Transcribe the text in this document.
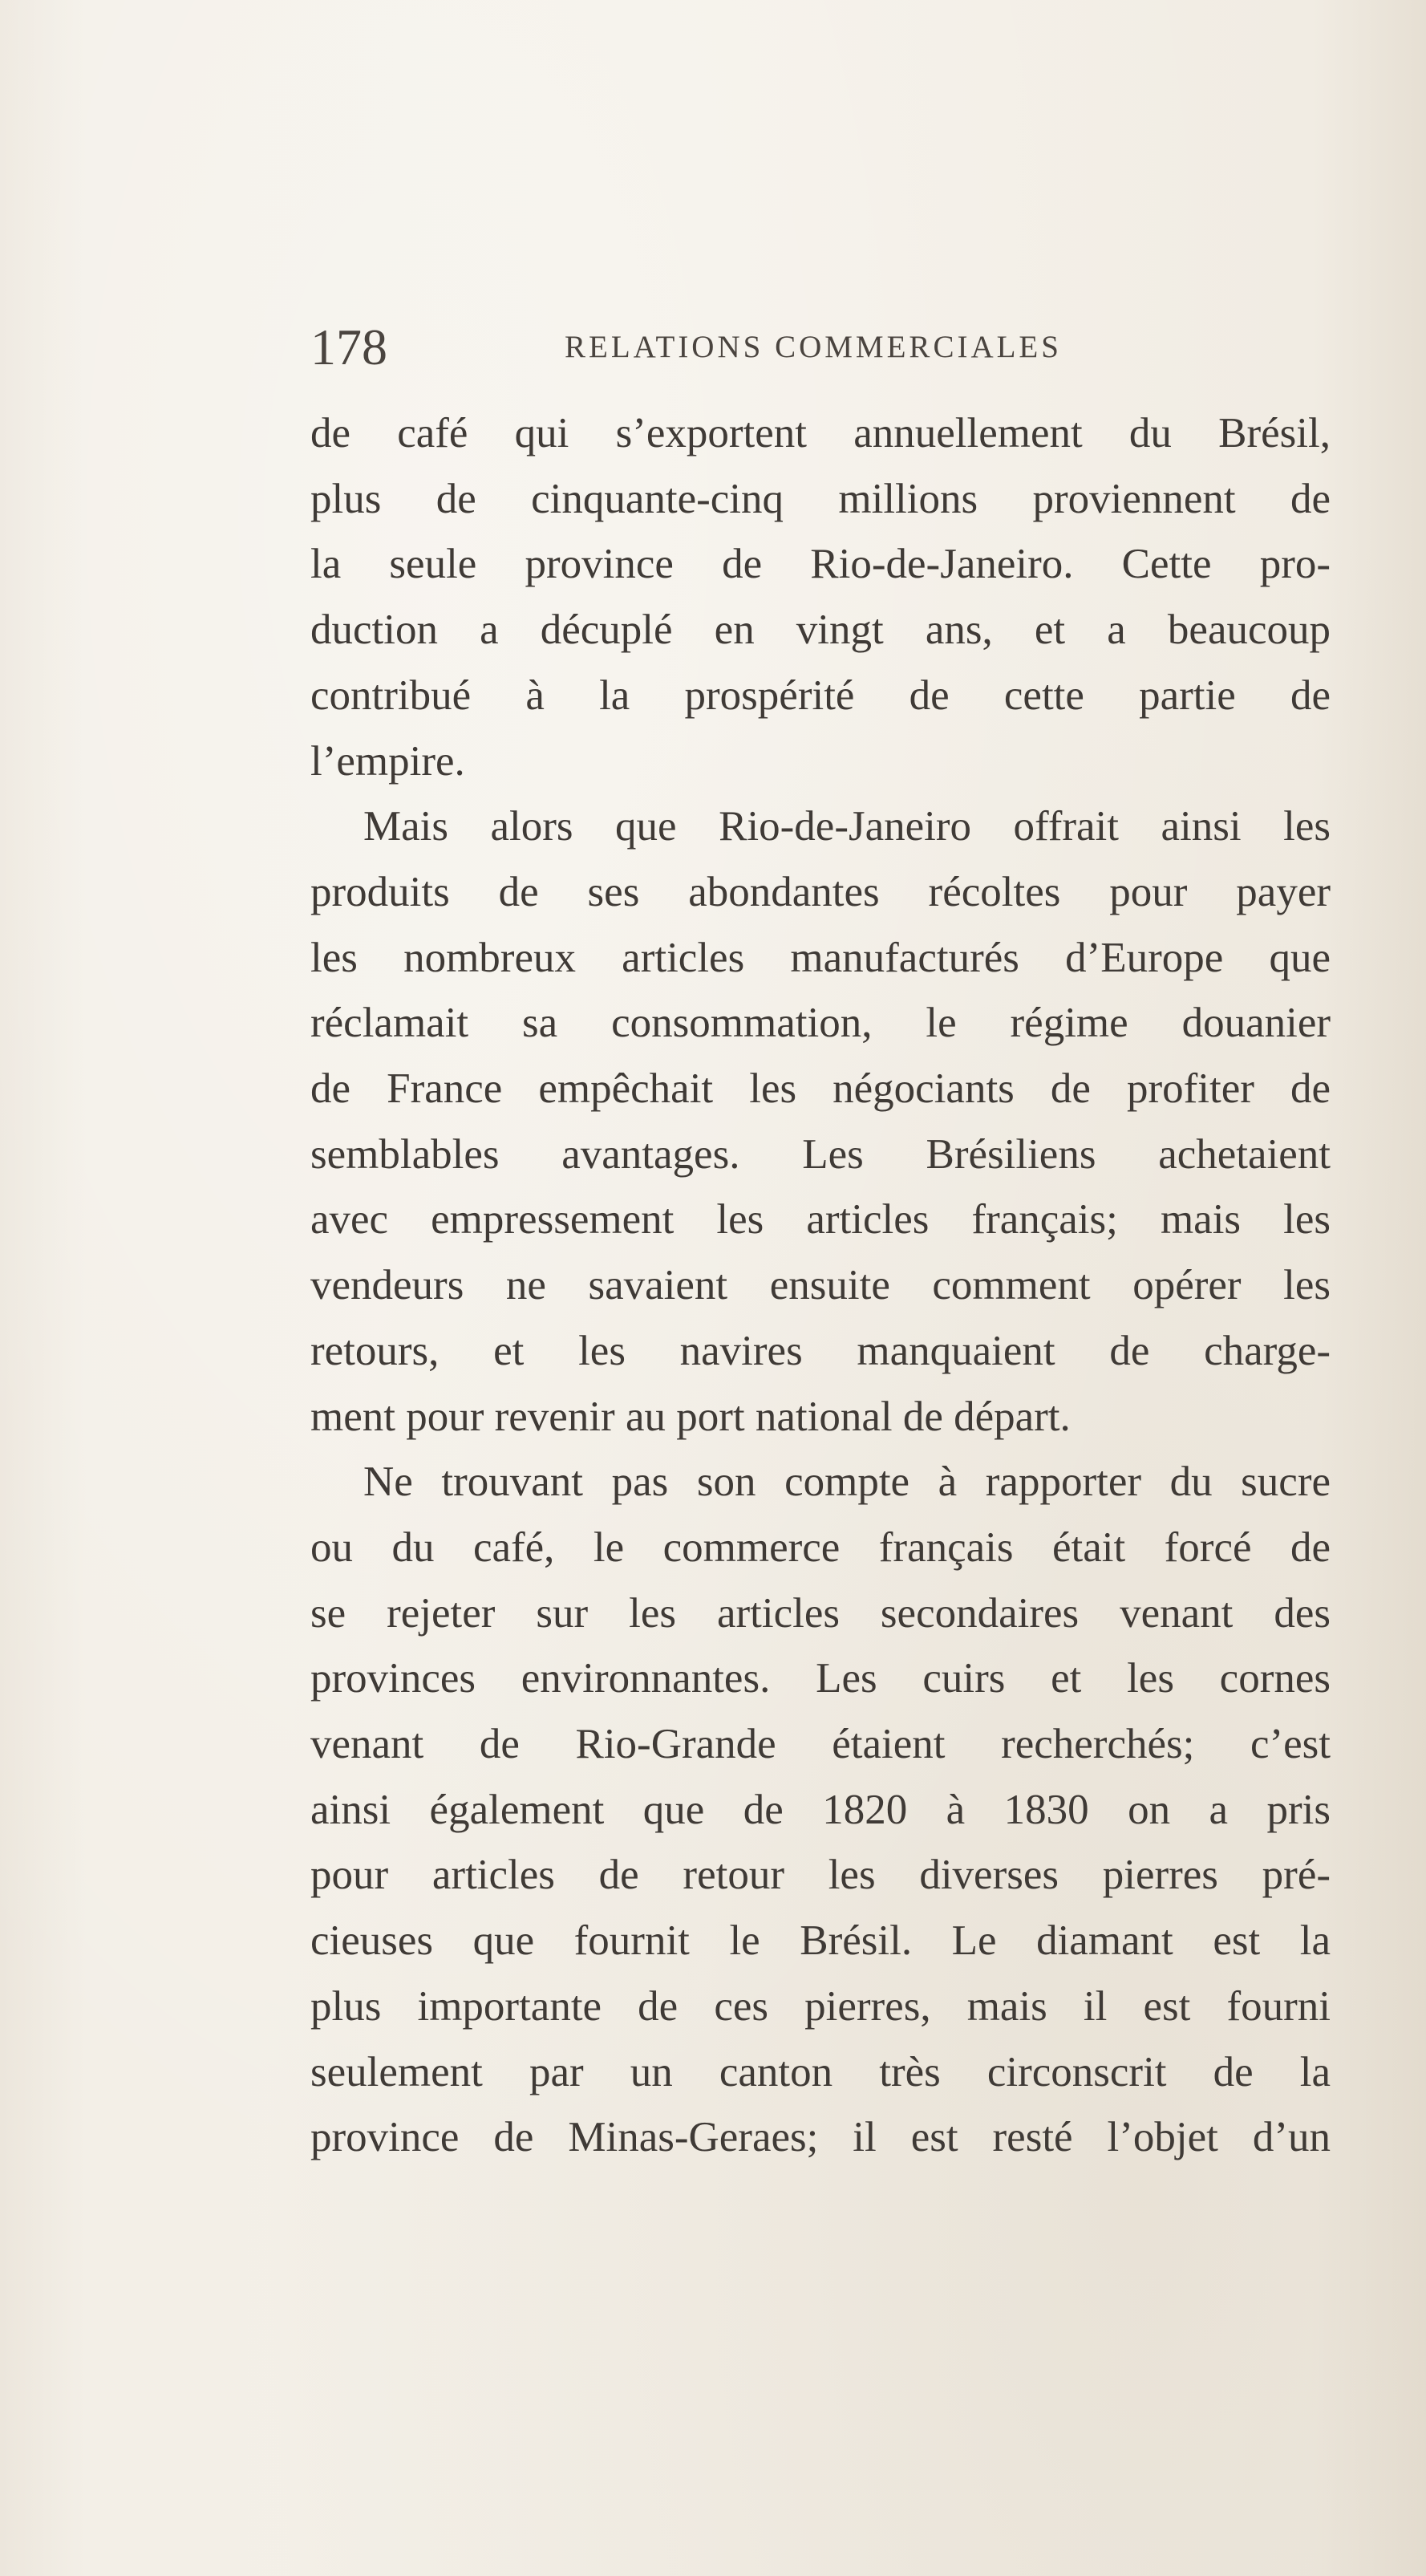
178	RELATIONS COMMERCIALES
de café qui s’exportent annuellement du Brésil,
plus de cinquante-cinq millions proviennent de
la seule province de Rio-de-Janeiro. Cette pro-
duction a décuplé en vingt ans, et a beaucoup
contribué à la prospérité de cette partie de
l’empire.
Mais alors que Rio-de-Janeiro offrait ainsi les
produits de ses abondantes récoltes pour payer
les nombreux articles manufacturés d’Europe que
réclamait sa consommation, le régime douanier
de France empêchait les négociants de profiter de
semblables avantages. Les Brésiliens achetaient
avec empressement les articles français; mais les
vendeurs ne savaient ensuite comment opérer les
retours, et les navires manquaient de charge-
ment pour revenir au port national de départ.
Ne trouvant pas son compte à rapporter du sucre
ou du café, le commerce français était forcé de
se rejeter sur les articles secondaires venant des
provinces environnantes. Les cuirs et les cornes
venant de Rio-Grande étaient recherchés; c’est
ainsi également que de 1820 à 1830 on a pris
pour articles de retour les diverses pierres pré-
cieuses que fournit le Brésil. Le diamant est la
plus importante de ces pierres, mais il est fourni
seulement par un canton très circonscrit de la
province de Minas-Geraes; il est resté l’objet d’un
